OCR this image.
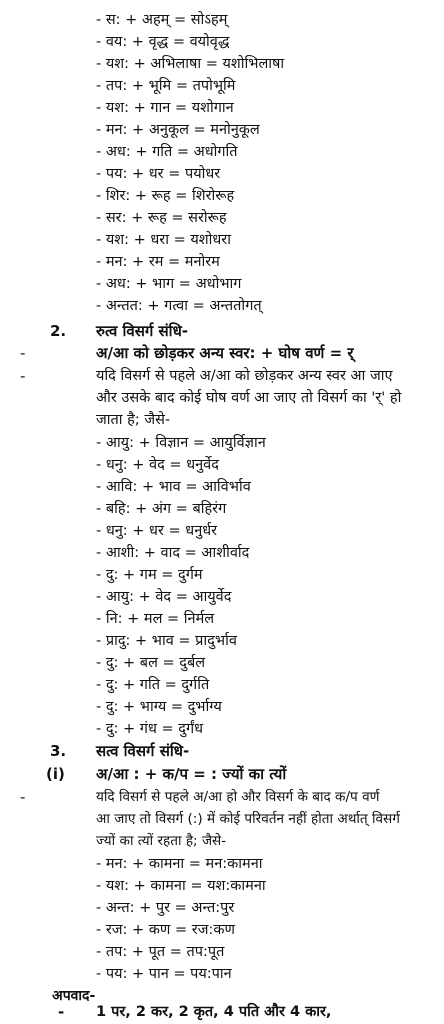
- स: + अहम् = सोऽहम्
- वय: + वृद्ध = वयोवृद्ध
- यश: + अभिलाषा = यशोभिलाषा
- तप: + भूमि = तपोभूमि
- यश: + गान = यशोगान
- मन: + अनुकूल = मनोनुकूल
- अध: + गति = अधोगति
- पय: + धर = पयोधर
- शिर: + रूह = शिरोरूह
- सर: + रूह = सरोरूह
- यश: + धरा = यशोधरा
- मन: + रम = मनोरम
- अध: + भाग = अधोभाग
- अन्तत: + गत्वा = अन्ततोगत्
2. रुत्व विसर्ग संधि-
-	अ/आ को छोड़कर अन्य स्वर: + घोष वर्ण = र्
-	यदि विसर्ग से पहले अ/आ को छोड़कर अन्य स्वर आ जाए
और उसके बाद कोई घोष वर्ण आ जाए तो विसर्ग का 'र्' हो
जाता है; जैसे-
- आयु: + विज्ञान = आयुर्विज्ञान
- धनु: + वेद = धनुर्वेद
- आवि: + भाव = आविर्भाव
- बहि: + अंग = बहिरंग
- धनु: + धर = धनुर्धर
- आशी: + वाद = आशीर्वाद
- दु: + गम = दुर्गम
- आयु: + वेद = आयुर्वेद
- नि: + मल = निर्मल
- प्रादु: + भाव = प्रादुर्भाव
- दु: + बल = दुर्बल
- दु: + गति = दुर्गति
- दु: + भाग्य = दुर्भाग्य
- दु: + गंध = दुर्गंध
3. सत्व विसर्ग संधि-
(i) अ/आ : + क/प = : ज्यों का त्यों
-	यदि विसर्ग से पहले अ/आ हो और विसर्ग के बाद क/प वर्ण
आ जाए तो विसर्ग (:) में कोई परिवर्तन नहीं होता अर्थात् विसर्ग
ज्यों का त्यों रहता है; जैसे-
- मन: + कामना = मन:कामना
- यश: + कामना = यश:कामना
- अन्त: + पुर = अन्त:पुर
- रज: + कण = रज:कण
- तप: + पूत = तप:पूत
- पय: + पान = पय:पान
अपवाद-
- 1 पर, 2 कर, 2 कृत, 4 पति और 4 कार,
